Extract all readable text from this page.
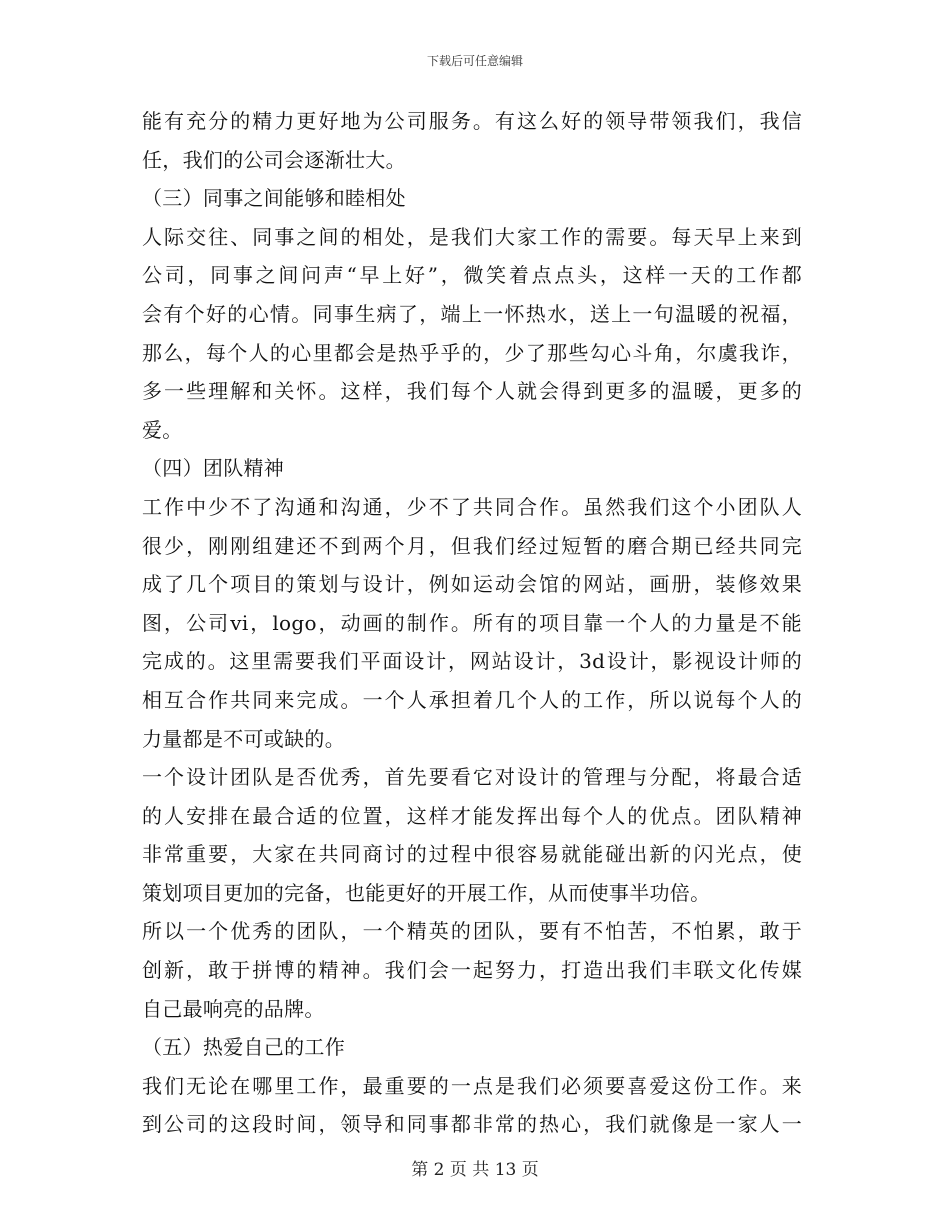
下载后可任意编辑
能有充分的精力更好地为公司服务。有这么好的领导带领我们，我信
任，我们的公司会逐渐壮大。
（三）同事之间能够和睦相处
人际交往、同事之间的相处，是我们大家工作的需要。每天早上来到
公司，同事之间问声“早上好”，微笑着点点头，这样一天的工作都
会有个好的心情。同事生病了，端上一怀热水，送上一句温暖的祝福，
那么，每个人的心里都会是热乎乎的，少了那些勾心斗角，尔虞我诈，
多一些理解和关怀。这样，我们每个人就会得到更多的温暖，更多的
爱。
（四）团队精神
工作中少不了沟通和沟通，少不了共同合作。虽然我们这个小团队人
很少，刚刚组建还不到两个月，但我们经过短暂的磨合期已经共同完
成了几个项目的策划与设计，例如运动会馆的网站，画册，装修效果
图，公司vi，logo，动画的制作。所有的项目靠一个人的力量是不能
完成的。这里需要我们平面设计，网站设计，3d设计，影视设计师的
相互合作共同来完成。一个人承担着几个人的工作，所以说每个人的
力量都是不可或缺的。
一个设计团队是否优秀，首先要看它对设计的管理与分配，将最合适
的人安排在最合适的位置，这样才能发挥出每个人的优点。团队精神
非常重要，大家在共同商讨的过程中很容易就能碰出新的闪光点，使
策划项目更加的完备，也能更好的开展工作，从而使事半功倍。
所以一个优秀的团队，一个精英的团队，要有不怕苦，不怕累，敢于
创新，敢于拼博的精神。我们会一起努力，打造出我们丰联文化传媒
自己最响亮的品牌。
（五）热爱自己的工作
我们无论在哪里工作，最重要的一点是我们必须要喜爱这份工作。来
到公司的这段时间，领导和同事都非常的热心，我们就像是一家人一
第 2 页 共 13 页
